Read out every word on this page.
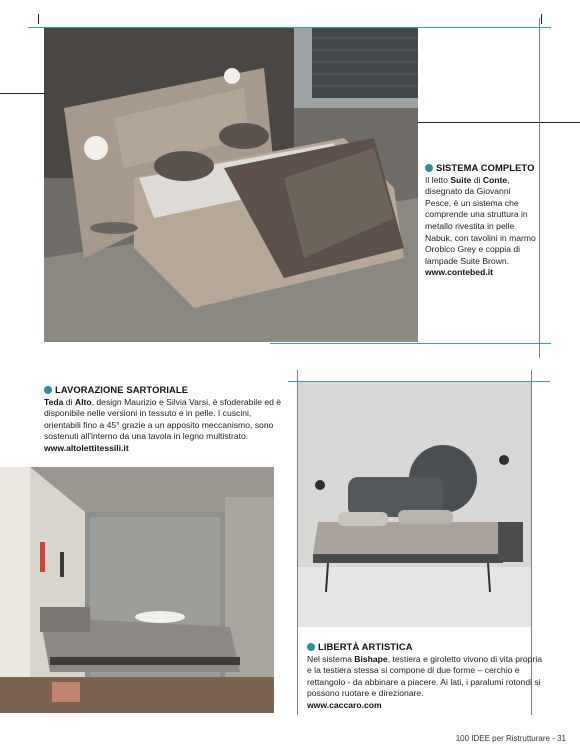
SISTEMA COMPLETO
Il letto Suite di Conte, disegnato da Giovanni Pesce, è un sistema che comprende una struttura in metallo rivestita in pelle Nabuk, con tavolini in marmo Orobico Grey e coppia di lampade Suite Brown.
www.contebed.it
LAVORAZIONE SARTORIALE
Teda di Alto, design Maurizio e Silvia Varsi, è sfoderabile ed è disponibile nelle versioni in tessuto e in pelle. I cuscini, orientabili fino a 45° grazie a un apposito meccanismo, sono sostenuti all'interno da una tavola in legno multistrato.
www.altolettitessili.it
LIBERTÀ ARTISTICA
Nel sistema Bishape, testiera e giroletto vivono di vita propria e la testiera stessa si compone di due forme – cerchio e rettangolo - da abbinare a piacere. Ai lati, i paralumi rotondi si possono ruotare e direzionare.
www.caccaro.com
100 IDEE per Ristrutturare - 31
